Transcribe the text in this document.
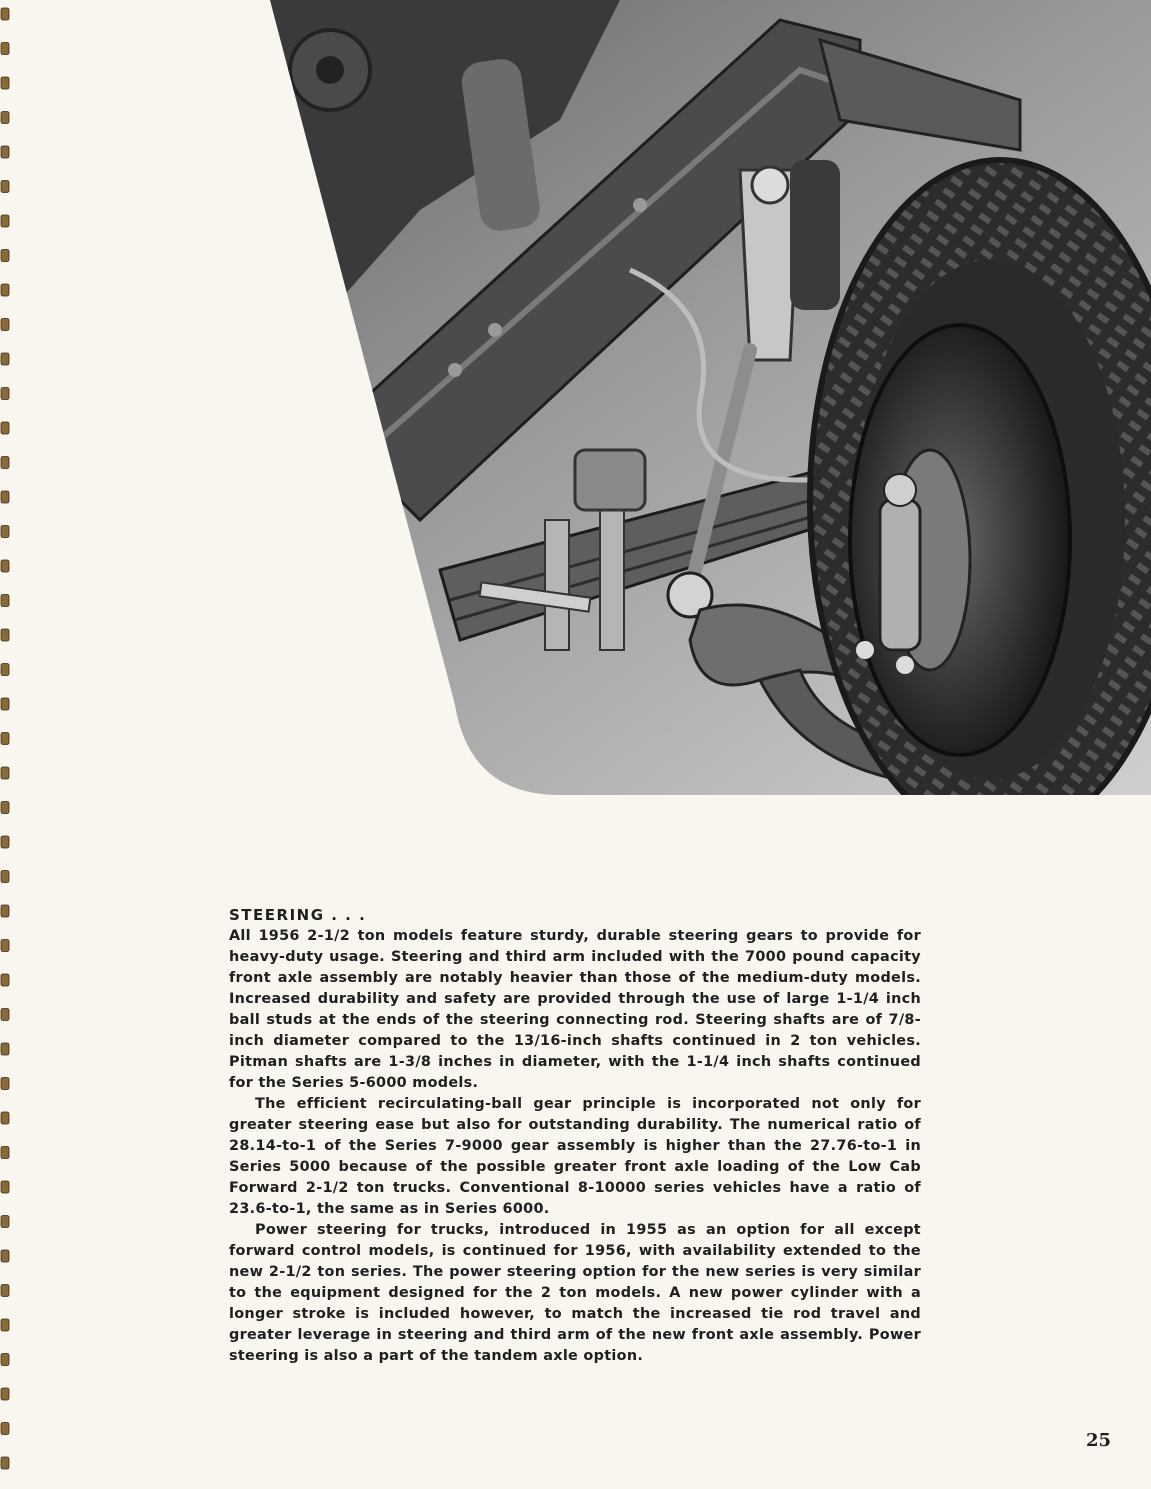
STEERING . . .

All 1956 2-1/2 ton models feature sturdy, durable steering gears to provide for heavy-duty usage. Steering and third arm included with the 7000 pound capacity front axle assembly are notably heavier than those of the medium-duty models. Increased durability and safety are provided through the use of large 1-1/4 inch ball studs at the ends of the steering connecting rod. Steering shafts are of 7/8-inch diameter compared to the 13/16-inch shafts continued in 2 ton vehicles. Pitman shafts are 1-3/8 inches in diameter, with the 1-1/4 inch shafts continued for the Series 5-6000 models.

The efficient recirculating-ball gear principle is incorporated not only for greater steering ease but also for outstanding durability. The numerical ratio of 28.14-to-1 of the Series 7-9000 gear assembly is higher than the 27.76-to-1 in Series 5000 because of the possible greater front axle loading of the Low Cab Forward 2-1/2 ton trucks. Conventional 8-10000 series vehicles have a ratio of 23.6-to-1, the same as in Series 6000.

Power steering for trucks, introduced in 1955 as an option for all except forward control models, is continued for 1956, with availability extended to the new 2-1/2 ton series. The power steering option for the new series is very similar to the equipment designed for the 2 ton models. A new power cylinder with a longer stroke is included however, to match the increased tie rod travel and greater leverage in steering and third arm of the new front axle assembly. Power steering is also a part of the tandem axle option.

25
